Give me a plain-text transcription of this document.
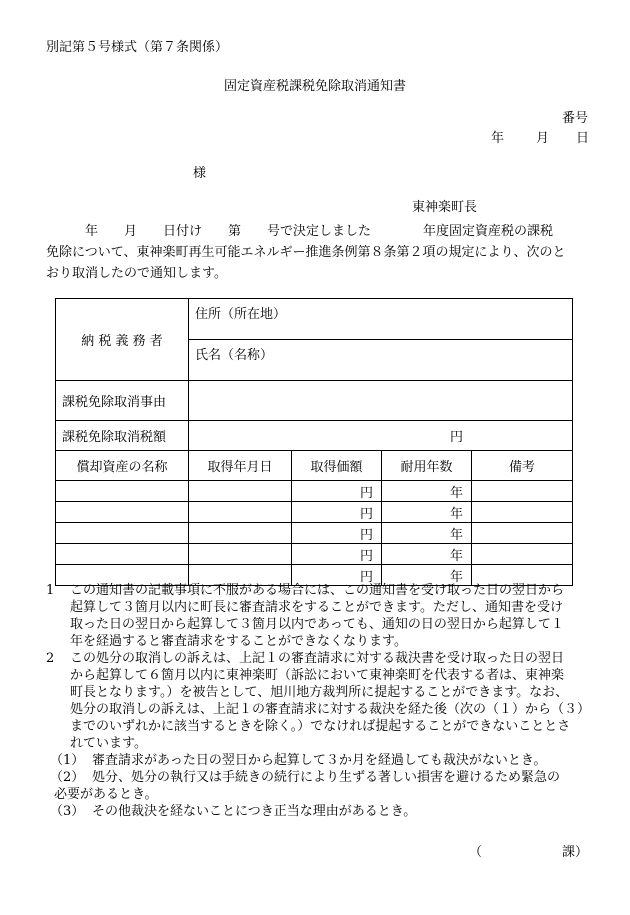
別記第５号様式（第７条関係）
固定資産税課税免除取消通知書
番号
年 月 日
様
東神楽町長
　　　年　　月　　日付け　　第　　号で決定しました　　　　年度固定資産税の課税
免除について、東神楽町再生可能エネルギー推進条例第８条第２項の規定により、次のと
おり取消したので通知します。
納 税 義 務 者	住所（所在地）			
	氏名（名称）			
課税免除取消事由				
課税免除取消税額	円			
償却資産の名称	取得年月日	取得価額	耐用年数	備考
		円	年	
		円	年	
		円	年	
		円	年	
		円	年	
1 この通知書の記載事項に不服がある場合には、この通知書を受け取った日の翌日から
起算して３箇月以内に町長に審査請求をすることができます。ただし、通知書を受け
取った日の翌日から起算して３箇月以内であっても、通知の日の翌日から起算して１
年を経過すると審査請求をすることができなくなります。
2 この処分の取消しの訴えは、上記１の審査請求に対する裁決書を受け取った日の翌日
から起算して６箇月以内に東神楽町（訴訟において東神楽町を代表する者は、東神楽
町長となります。）を被告として、旭川地方裁判所に提起することができます。なお、
処分の取消しの訴えは、上記１の審査請求に対する裁決を経た後（次の（１）から（３）
までのいずれかに該当するときを除く。）でなければ提起することができないこととさ
れています。
（1） 審査請求があった日の翌日から起算して３か月を経過しても裁決がないとき。
（2） 処分、処分の執行又は手続きの続行により生ずる著しい損害を避けるため緊急の
必要があるとき。
（3） その他裁決を経ないことにつき正当な理由があるとき。
（	課）
